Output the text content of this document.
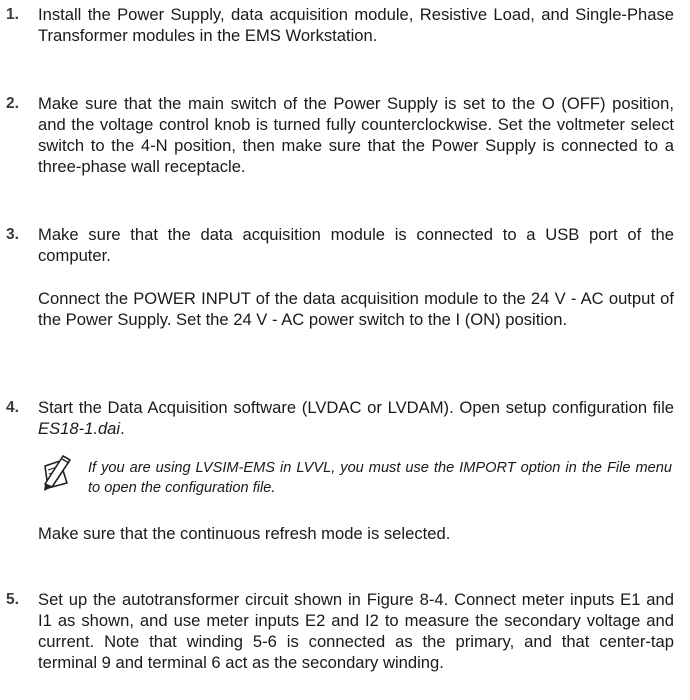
1. Install the Power Supply, data acquisition module, Resistive Load, and Single-Phase Transformer modules in the EMS Workstation.
2. Make sure that the main switch of the Power Supply is set to the O (OFF) position, and the voltage control knob is turned fully counterclockwise. Set the voltmeter select switch to the 4-N position, then make sure that the Power Supply is connected to a three-phase wall receptacle.
3. Make sure that the data acquisition module is connected to a USB port of the computer.
Connect the POWER INPUT of the data acquisition module to the 24 V - AC output of the Power Supply. Set the 24 V - AC power switch to the I (ON) position.
4. Start the Data Acquisition software (LVDAC or LVDAM). Open setup configuration file ES18-1.dai.
If you are using LVSIM-EMS in LVVL, you must use the IMPORT option in the File menu to open the configuration file.
Make sure that the continuous refresh mode is selected.
5. Set up the autotransformer circuit shown in Figure 8-4. Connect meter inputs E1 and I1 as shown, and use meter inputs E2 and I2 to measure the secondary voltage and current. Note that winding 5-6 is connected as the primary, and that center-tap terminal 9 and terminal 6 act as the secondary winding.
